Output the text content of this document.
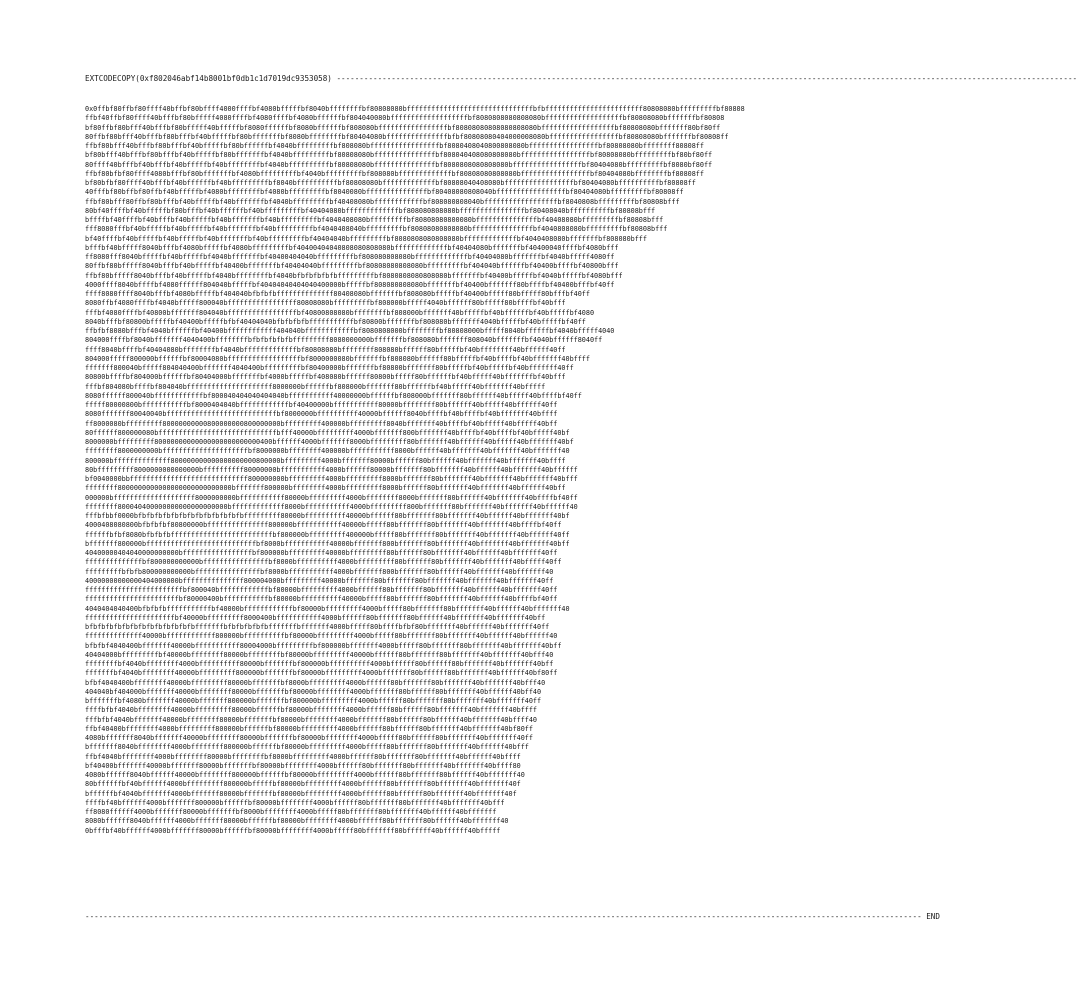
EXTCODECOPY(0xf802046abf14b8001bf0db1c1d7019dc9353058) ------------------------------------------------------------------------------------------------------------------------------------------------------------------
0x0ffbf80ffbf80ffff40bffbf80bffff4000ffffbf4080bfffffbf8040bffffffffbf80808080bfffffffffffffffffffffffffffffffbfbffffffffffffffffffffffff80808080bfffffffffbf80808
ffbf40ffbf80ffff40bfffbf80bfffff4080ffffbf4080ffffbf4080bffffffbf804040080bfffffffffffffffffffbf8080808080808080bfffffffffffffffffffbf80808080bfffffffbf80808
bf80ffbf80bfff40bfffbf80bfffff40bfffffbf8080ffffffbf8080bffffffbf808080bfffffffffffffffffbf80808080808080808080bffffffffffffffffffbf80808080bfffffff80bf80ff
80ffbf80bfff40bfffbf80bfffbf40bfffffbf80bfffffffbf8080bffffffffbf80404080bfffffffffffffffbfbf80808080404000008080bfffffffffffffffffbf80808080bfffffffbf80808ff
ffbf80bfff40bfffbf80bfffbf40bfffffbf80bffffffbf4040bfffffffffbf808080bfffffffffffffffffbf8080408040800808080bfffffffffffffffffbf80808080bffffffff80808ff
bf80bfff40bfffbf80bfffbf40bfffffbf80bfffffffbf4040bfffffffffbf80808080bfffffffffffffffbf808040408080808080bfffffffffffffffffbf80808080bfffffffffbf80bf80ff
80ffff40bfffbf40bfffbf40bfffffbf40bffffffffbf4040bffffffffffbf80808080bfffffffffffffffbf8080808080808080bfffffffffffffffffbf80404080bfffffffffbf8080bf80ff
ffbf80bfbf80ffff4080bfffbf80bfffffffbf4080bfffffffffbf4040bfffffffffbf808080bfffffffffffffbf80808080808080bfffffffffffffffffbf80404080bffffffffbf80808ff
bf80bfbf80ffff40bfffbf40bffffffbf40bfffffffffbf8040bffffffffffbf80808080bfffffffffffffbf80808040408080bfffffffffffffffffbf80404080bffffffffffbf80808ff
40fffbf80bffbf80ffbf40bfffffbf4080bffffffffbf4080bfffffffffbf8040080bfffffffffffffffbf80408080808040bfffffffffffffffffbf80404080bfffffffffbf80808ff
ffbf80bfff80ffbf80bfffbf40bfffffbf40bfffffffbf4040bfffffffffbf40408080bffffffffffffbf808080808040bffffffffffffffffffbf8040808bfffffffffbf80808bfff
80bf40ffffbf40bfffffbf80bfffbf40bffffffbf40bfffffffffbf40404080bfffffffffffffbf808080808080bffffffffffffffffbf80408040bffffffffffbf80808bfff
bffffbf40ffffbf40bfffbf40bfffffbf40bfffffffbf40bfffffffffbf4040408080bfffffffffbf80808080800080bfffffffffffffffbf40408080bfffffffffbf80808bfff
fff8080fffbf40bfffffbf40bfffffbf40bfffffffbf40bfffffffffbf4040408040bfffffffffbf80808080808080bfffffffffffffffbf4040808080bfffffffffbf80808bfff
bf40ffffbf40bfffffbf40bfffffbf40bfffffffbf40bfffffffffbf40404040bfffffffffbf8080808080808080bfffffffffffffbf4040408080bfffffffbf808080bfff
bfffbf40bfffff8040bfffbf4080bfffffbf4080bfffffffffbf40400404040808080808080bfffffffffffffbf40404080bfffffffbf40400040ffffbf4080bfff
ff8080fff8040bfffffbf40bfffffbf4040bfffffffbf40400404040bfffffffffbf808080808080bfffffffffffffbf40404080bfffffffbf4040bfffff4080ff
80ffbf80bfffff8040bfffbf40bfffffbf40400bfffffffbf40404040bfffffffffbf80808080808080bfffffffffbf404040bffffffbf40400bffffbf40800bfff
ffbf80bfffff8040bfffbf40bfffffbf4040bffffffffbf4040bfbfbfbfbfbfffffffffbf8080808080808080bfffffffbf40400bfffffbf4040bfffffbf4080bfff
4000ffff8040bffffbf4080ffffff804040bfffffbf40404040404040400000bfffffbf808080808080bfffffffbf40400bfffffff80bffffbf40400bfffbf40ff
ffff8080ffff8040bfffbf4080bfffffbf404040bfbfbfbffffffffffffff80408080bfffffffbf808080bfffffbf40400bfffff80bfffff80bfffbf40ff
8080ffbf4080ffffbf4040bfffff800040bfffffffffffffffff80808080bfffffffffbf808000bfffff4040bffffff80bfffff80bffffbf40bfff
fffbf4080ffffbf40800bfffffff804040bfffffffffffffffffbf40800808080bffffffffbf808000bfffffff40bfffffbf40bffffffbf40bfffffbf4080
8040bfffbf80800bfffffbf40400bfffffbfbf40404040bfbfbfbfbfffffffffffbf80800bfffffffbf808080bfffffff4040bfffffbf40bfffffbf40ff
ffbfbf8080bfffbf4040bffffffbf40400bffffffffffff404040bffffffffffffbf8080808000bffffffffbf80808000bfffff8040bffffffbf4040bfffff4040
804000ffffbf8040bfffffff4040400bffffffffbfbfbfbfbfbfffffffff8080000000bfffffffbf808080bfffffff808040bfffffffbf4040bffffff8040ff
ffff8040bffffbf40404080bffffffffbf4040bfffffffffffffbf80808080bffffffff808080bffffff80bfffffbf40bffffffff40bffffff40ff
804000fffff800000bffffffbf80004080bffffffffffffffffffbf8000000080bfffffffbf808080bffffff80bfffffbf40bffffbf40bfffffff40bffff
fffffff800040bfffff804040400bfffffff4040400bfffffffffbf80400000bfffffffbf80800bfffffff80bfffffbf40bfffffbf40bfffffff40ff
80800bffffbf804000bffffffbf80404000bfffffffbf4000bfffffbf408080bffffff80800bfffff80bffffffbf40bfffff40bfffffffbf40bfff
fffbf804080bffffbf804040bfffffffffffffffffffff8000000bffffffbf808000bfffffff80bffffffbf40bfffff40bfffffff40bfffff
8080ffffff800040bffffffffffffbf800040404040404040bfffffffffff40000000bffffffbf808000bfffffff80bffffff40bfffff40bffffbf40ff
fffff80000800bfffffffffffbf8000404040bffffffffffffbf40400000bfffffffffff80000bffffffff80bffffff40bfffff40bffffff40ff
8080fffffff80040040bfffffffffffffffffffffffffffbf8000000bffffffffff40000bffffff8040bffffbf40bffffbf40bfffffff40bffff
ff8000080bfffffffff80000000000800000000800000000bfffffffff400000bfffffffff8040bfffffff40bffffbf40bfffff40bfffff40bff
80ffffff800000080bfffffffffffffffffffffffffffffbfff40000bfffffffff4000bfffffff800bfffffff40bffffbf40bffffbf40bfffff40bf
8000000bfffffffff80000000000000000000000000400bffffff4000bfffffff8000bfffffffff80bfffffff40bffffff40bfffff40bfffffff40bf
ffffffff8000000000bfffffffffffffffffffffbf8000000bffffffff400000bfffffffffff8000bffffff40bfffffff40bfffffff40bfffffff40
800000bffffffffffffff800000000000000000000800000bfffffffff4000bfffffff80000bffffff80bffffff40bfffffff40bfffffff40bffff
80bfffffffff8000000000000000bffffffffff80000000bfffffffffff4000bffffff80000bfffffff80bfffffff40bffffff40bfffffff40bffffff
bf0040000bbfffffffffffffffffffffffffffff800000000bfffffffff4000bfffffffff8000bfffffff80bfffffff40bfffffff40bfffffff40bfff
ffffffff8000000000000000000000000000bfffffff800000bffffffff4000bfffffffff8000bffffff80bfffffff40bfffffff40bffffff40bff
000000bffffffffffffffffffff8000000000bfffffffffff80000bfffffffff4000bffffffff8000bfffffff80bffffff40bfffffff40bffffbf40ff
ffffffff800040400000000000000000000bfffffffffffff8000bfffffffffff4000bfffffffff800bfffffff80bfffffff40bfffffff40bffffff40
fffbfbbf0000bfbfbfbfbfbfbfbfbfbfbfbfbfbfffffffff80000bffffffffff40000bffffff80bfffffff80bfffffff40bffffff40bfffffff40bf
4000408080800bfbfbfbf80800000bfffffffffffffff800000bfffffffffff40000bfffff80bfffffff80bfffffff40bfffffff40bffffbf40ff
ffffffbfbf8080bfbfbfbfffffffffffffffffffffffffbf800000bfffffffff400000bfffff80bfffffff80bfffffff40bfffffff40bffffff40ff
bfffffff800000bfffffffffffffffffffffffffffbf8000bfffffffffff40000bfffffff800bfffffff80bfffffff40bfffffff40bfffffff40bff
40400000404040000000000bfffffffffffffffffbf800000bfffffffff40000bfffffffff80bffffff80bfffffff40bffffff40bfffffff40ff
ffffffffffffffbf800000000000bffffffffffffffffbf8000bffffffffff4000bfffffffff80bffffff80bfffffff40bfffffff40bfffff40ff
fffffffffbfbfb800000000000bffffffffffffffffbf8000bfffffffffff4000bfffffff800bfffffff80bffffff40bfffffff40bfffffff40
40000000000000404000000bfffffffffffffff800004000bfffffffff40000bfffffff80bfffffff80bfffffff40bfffffff40bfffffff40ff
ffffffffffffffffffffffffbf800040bffffffffffffbf80000bfffffffff4000bffffff80bfffffff80bfffffff40bffffff40bfffffff40ff
fffffffffffffffffffffffbf80000400bfffffffffffbf80000bffffffffff40000bfffff80bfffffff80bfffffff40bffffff40bffffbf40ff
4040404040400bfbfbfbfffffffffffbf40000bffffffffffffbf80000bfffffffff4000bfffff80bfffffff80bfffffff40bffffff40bfffffff40
ffffffffffffffffffffffbf40000bfffffffff8000400bfffffffffff4000bffffff80bfffffff80bffffff40bfffffff40bfffffff40bff
bfbfbfbfbfbfbfbfbfbfbfbfbfbfffffffbfbfbfbfbfbfffffffbfffffff4000bfffff80bffffbfbf80bfffffff40bffffff40bfffffff40ff
ffffffffffffff40000bffffffffffff800000bffffffffffbf80000bfffffffff4000bfffff80bfffffff80bfffffff40bffffff40bffffff40
bfbfbf4040400bfffffff40000bfffffffffff80004000bfffffffffbf800000bfffffff4000bfffff80bfffffff80bfffffff40bfffffff40bff
40404000bfffffffffbf40000bffffffff80000bffffffffbf80000bfffffffff40000bffffff80bfffffff80bfffffff40bfffffff40bfff40
ffffffffbf4040bffffffff4000bffffffffff80000bfffffffbf800000bffffffffff4000bffffff80bffffff80bfffffff40bfffffff40bff
fffffffbf4040bffffffff40000bfffffffff800000bfffffffbf80000bfffffffff4000bfffffff80bffffff80bfffffff40bffffff40bf80ff
bfbf4040400bffffffff40000bfffffffff80000bfffffffbf8000bfffffffff4000bffffff80bfffffff80bfffffff40bfffffff40bfff40
404040bf404000bfffffff40000bffffffff80000bfffffffbf80000bffffffff4000bfffffff80bffffff80bfffffff40bffffff40bff40
bfffffffbf4080bfffffff40000bfffffff800000bfffffffbf800000bfffffffff4000bffffff80bfffffff80bfffffff40bfffffff40ff
ffffbfbf4040bffffffff40000bfffffffff80000bffffffbf80000bffffffff4000bffffff80bffffff80bfffffff40bfffffff40bffff
fffbfbf4040bfffffff40000bffffffff80000bfffffffbf80000bffffffff4000bfffffff80bffffff80bffffff40bfffffff40bffff40
ffbf40400bffffffff4000bfffffffff800000bffffffbf80000bfffffffff4000bffffff80bffffff80bfffffff40bfffffff40bf80ff
4080bfffffff8040bfffffff40000bffffffff80000bfffffffbf80000bffffffff4000bfffff80bffffff80bfffffff40bfffffff40ff
bfffffff8040bffffffff4000bffffffff800000bffffffbf80000bfffffffff4000bfffff80bfffffff80bfffffff40bffffff40bfff
ffbf4040bffffffff4000bffffffff80000bffffffffbf8000bfffffffff4000bffffff80bfffffff80bfffffff40bffffff40bffff
bf40400bfffffff40000bfffffff80000bfffffffbf80000bffffffff4000bffffff80bfffffff80bfffffff40bfffffff40bffff80
4080bffffff8040bffffff40000bffffffff800000bffffffbf80000bfffffffff4000bffffff80bfffffff80bffffff40bfffffff40
80bffffffbf40bffffff4000bfffffffff800000bfffffbf80000bfffffffff4000bffffff80bfffffff80bfffffff40bfffffff40f
bffffffbf4040bfffffff4000bfffffff80000bfffffffbf80000bfffffffff4000bffffff80bffffff80bfffffff40bfffffff40f
ffffbf40bffffff4000bfffffff800000bffffffbf80000bffffffff4000bffffff80bfffffff80bfffffff40bfffffff40bfff
ff8080ffffff4000bfffffff80000bfffffffbf8000bffffffff4000bfffff80bfffffff80bfffffff40bffffff40bfffffff
8080bffffff8040bffffff4000bfffffff80000bffffffbf80000bffffffff4000bffffff80bfffffff80bffffff40bfffffff40
0bfffbf40bffffff4000bfffffff80000bffffffbf80000bffffffff4000bfffff80bfffffff80bffffff40bffffff40bfffff
--------------------------------------------------------------------------------------------------------------------------------------------------------------------------------------- END
